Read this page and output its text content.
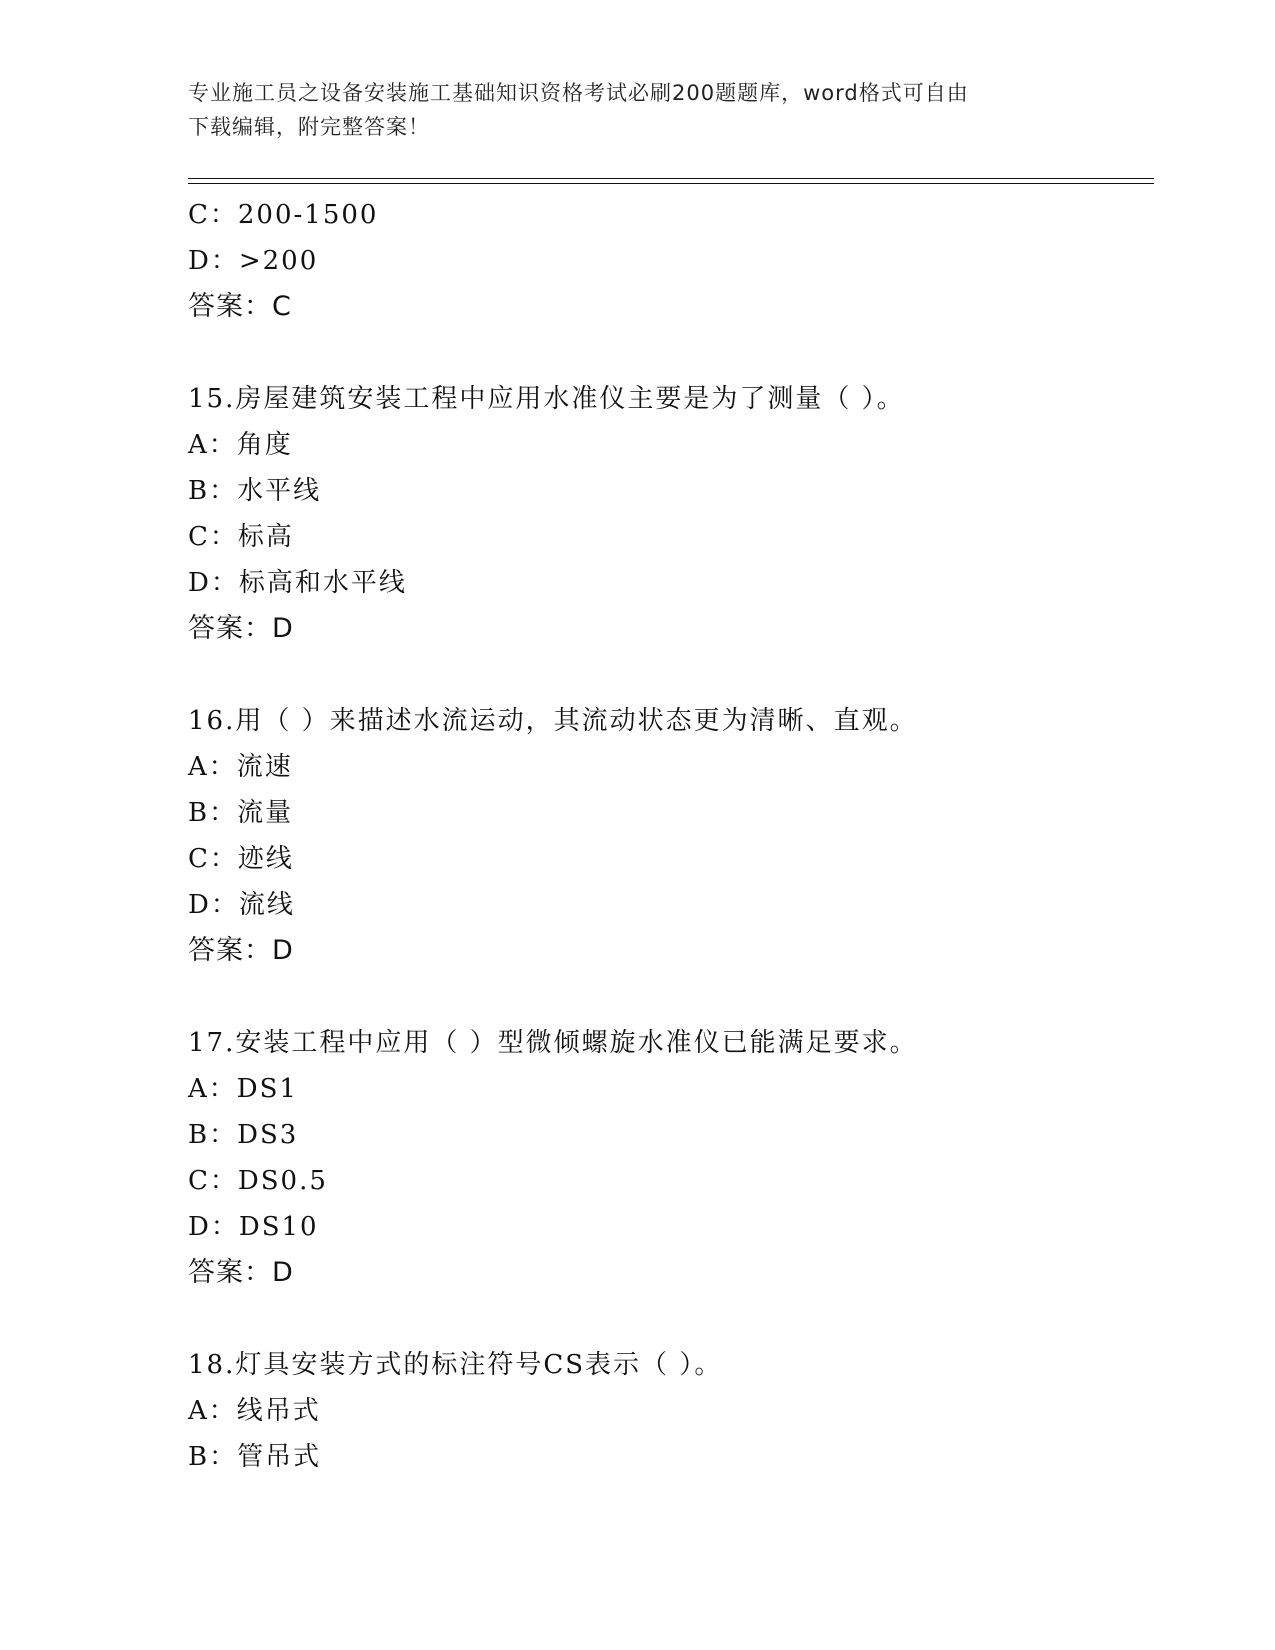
专业施工员之设备安装施工基础知识资格考试必刷200题题库，word格式可自由
下载编辑，附完整答案！
C：200-1500
D：>200
答案：C
15.房屋建筑安装工程中应用水准仪主要是为了测量（ ）。
A：角度
B：水平线
C：标高
D：标高和水平线
答案：D
16.用（ ）来描述水流运动，其流动状态更为清晰、直观。
A：流速
B：流量
C：迹线
D：流线
答案：D
17.安装工程中应用（ ）型微倾螺旋水准仪已能满足要求。
A：DS1
B：DS3
C：DS0.5
D：DS10
答案：D
18.灯具安装方式的标注符号CS表示（ ）。
A：线吊式
B：管吊式
